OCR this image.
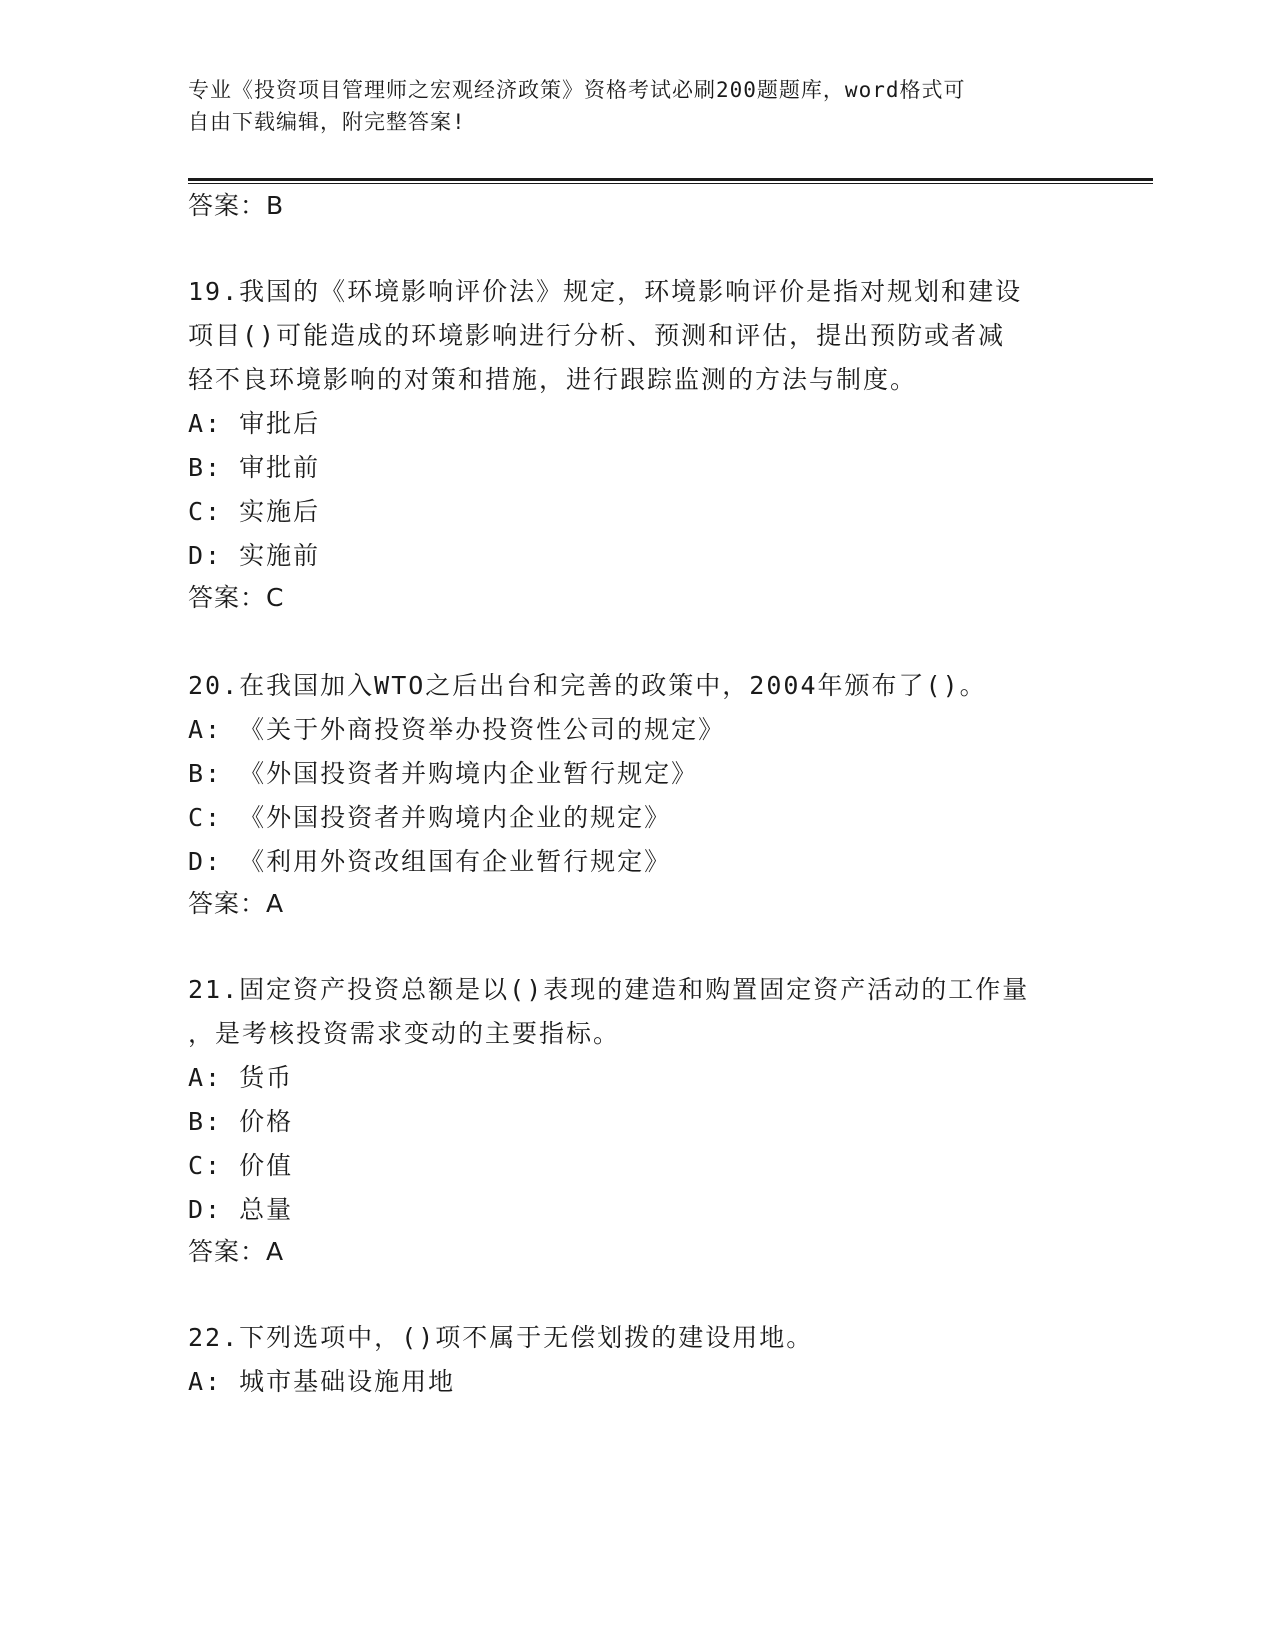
专业《投资项目管理师之宏观经济政策》资格考试必刷200题题库，word格式可
自由下载编辑，附完整答案!
答案：B
19.我国的《环境影响评价法》规定，环境影响评价是指对规划和建设
项目()可能造成的环境影响进行分析、预测和评估，提出预防或者减
轻不良环境影响的对策和措施，进行跟踪监测的方法与制度。
A: 审批后
B: 审批前
C: 实施后
D: 实施前
答案：C
20.在我国加入WTO之后出台和完善的政策中，2004年颁布了()。
A: 《关于外商投资举办投资性公司的规定》
B: 《外国投资者并购境内企业暂行规定》
C: 《外国投资者并购境内企业的规定》
D: 《利用外资改组国有企业暂行规定》
答案：A
21.固定资产投资总额是以()表现的建造和购置固定资产活动的工作量
，是考核投资需求变动的主要指标。
A: 货币
B: 价格
C: 价值
D: 总量
答案：A
22.下列选项中，()项不属于无偿划拨的建设用地。
A: 城市基础设施用地
